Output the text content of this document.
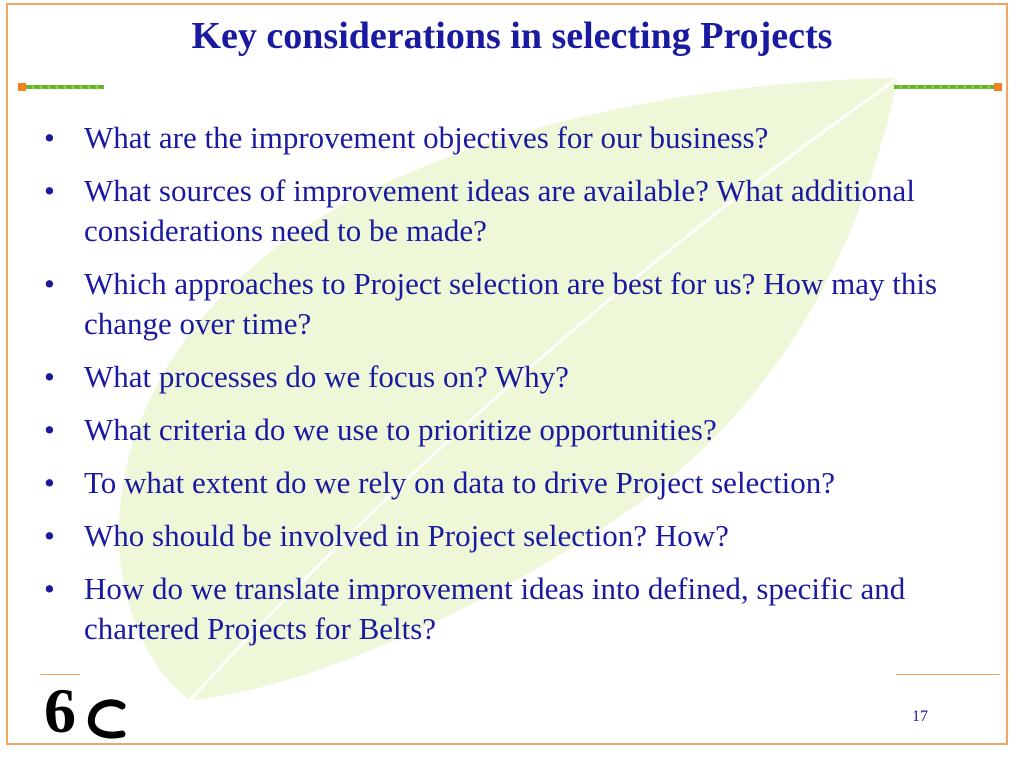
Key considerations in selecting Projects
• What are the improvement objectives for our business?
• What sources of improvement ideas are available? What additional considerations need to be made?
• Which approaches to Project selection are best for us? How may this change over time?
• What processes do we focus on? Why?
• What criteria do we use to prioritize opportunities?
• To what extent do we rely on data to drive Project selection?
• Who should be involved in Project selection? How?
• How do we translate improvement ideas into defined, specific and chartered Projects for Belts?
6	17
